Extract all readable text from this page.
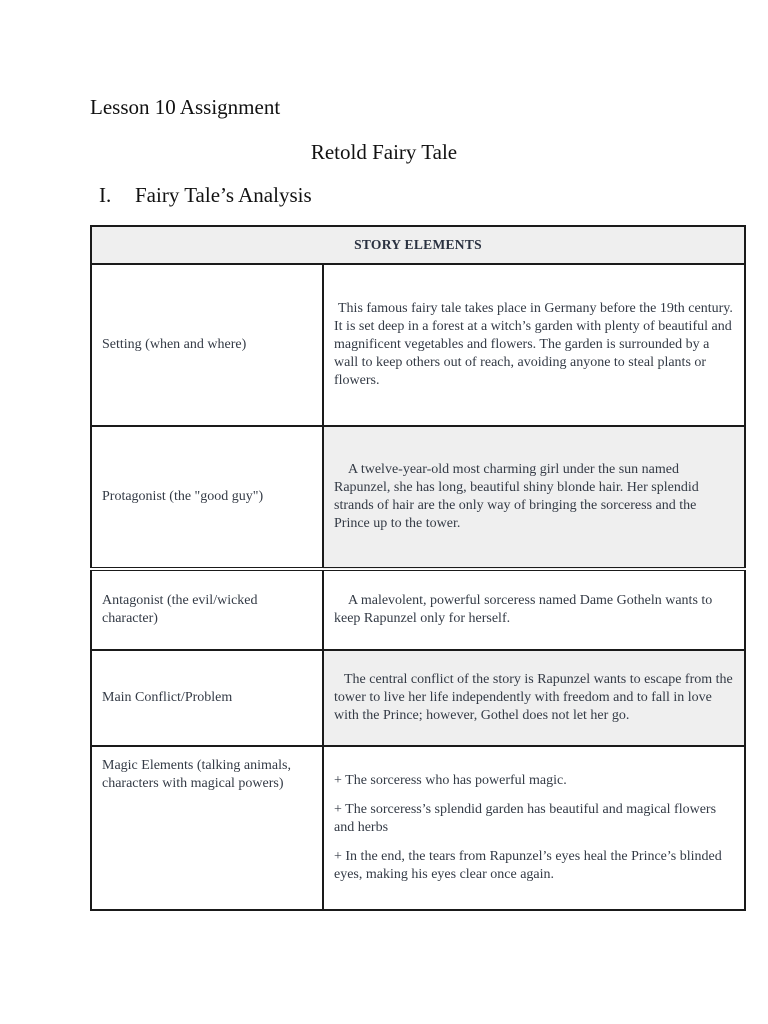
Lesson 10 Assignment
Retold Fairy Tale
I. Fairy Tale’s Analysis
STORY ELEMENTS	
Setting (when and where)	This famous fairy tale takes place in Germany before the 19th century. It is set deep in a forest at a witch’s garden with plenty of beautiful and magnificent vegetables and flowers. The garden is surrounded by a wall to keep others out of reach, avoiding anyone to steal plants or flowers.

Protagonist (the "good guy")	A twelve-year-old most charming girl under the sun named Rapunzel, she has long, beautiful shiny blonde hair. Her splendid strands of hair are the only way of bringing the sorceress and the Prince up to the tower.

Antagonist (the evil/wicked character)	A malevolent, powerful sorceress named Dame Gotheln wants to keep Rapunzel only for herself.

Main Conflict/Problem	The central conflict of the story is Rapunzel wants to escape from the tower to live her life independently with freedom and to fall in love with the Prince; however, Gothel does not let her go.

Magic Elements (talking animals, characters with magical powers)	+ The sorceress who has powerful magic.

+ The sorceress’s splendid garden has beautiful and magical flowers and herbs

+ In the end, the tears from Rapunzel’s eyes heal the Prince’s blinded eyes, making his eyes clear once again.
